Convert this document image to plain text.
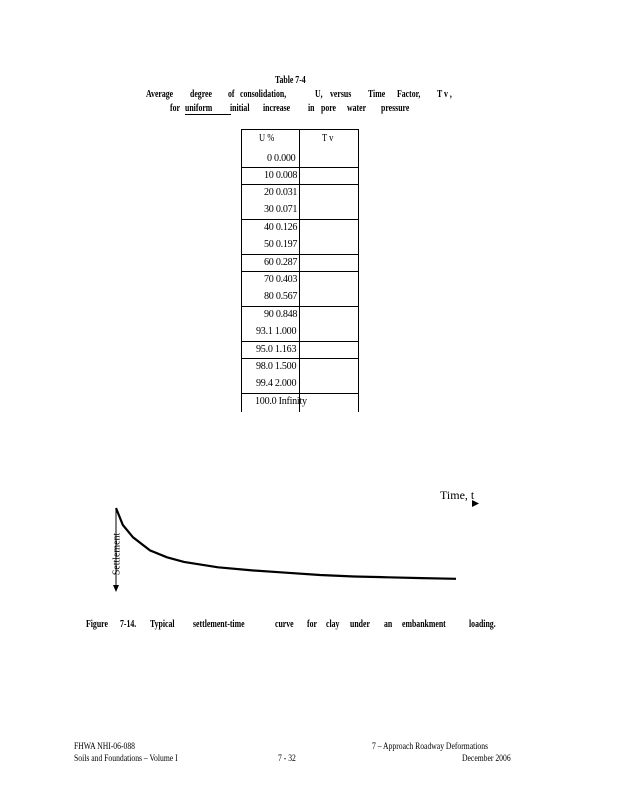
Table 7-4
Average degree of consolidation,	U, versus Time Factor, T v ,
for uniform initial increase in pore water pressure
U %	T v
0 0.000
10 0.008
20 0.031
30 0.071
40 0.126
50 0.197
60 0.287
70 0.403
80 0.567
90 0.848
93.1 1.000
95.0 1.163
98.0 1.500
99.4 2.000
100.0 Infinity
Time, t
Settlement
Figure 7-14. Typical settlement-time	curve for clay under an embankment loading.
FHWA NHI-06-088
Soils and Foundations – Volume I	7 - 32
7 – Approach Roadway Deformations
December 2006
